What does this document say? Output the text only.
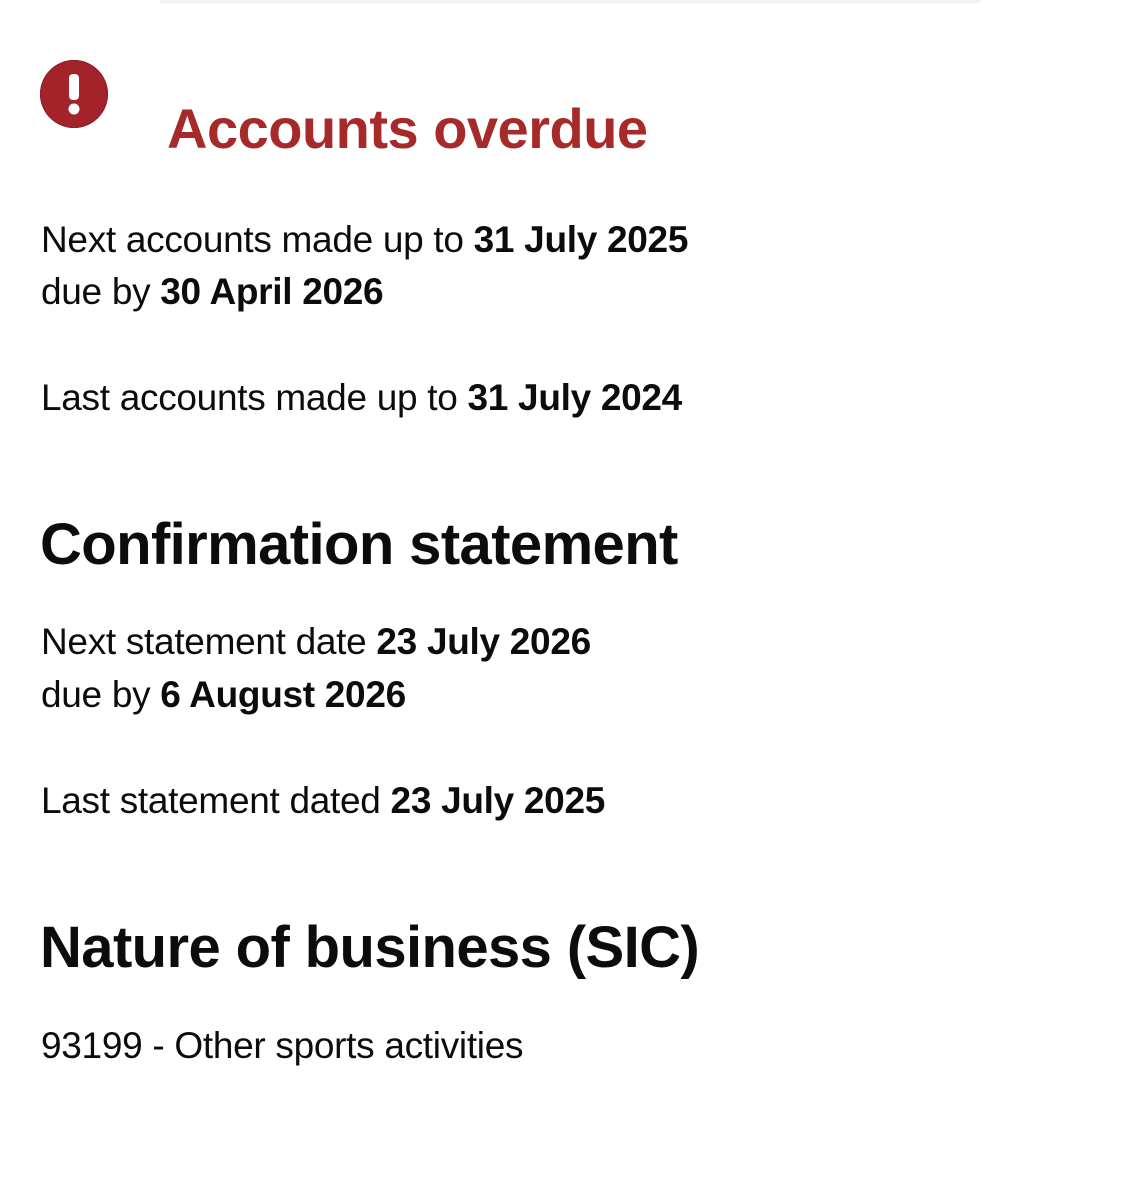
Accounts overdue

Next accounts made up to 31 July 2025

due by 30 April 2026

Last accounts made up to 31 July 2024

Confirmation statement

Next statement date 23 July 2026

due by 6 August 2026

Last statement dated 23 July 2025

Nature of business (SIC)

93199 - Other sports activities
